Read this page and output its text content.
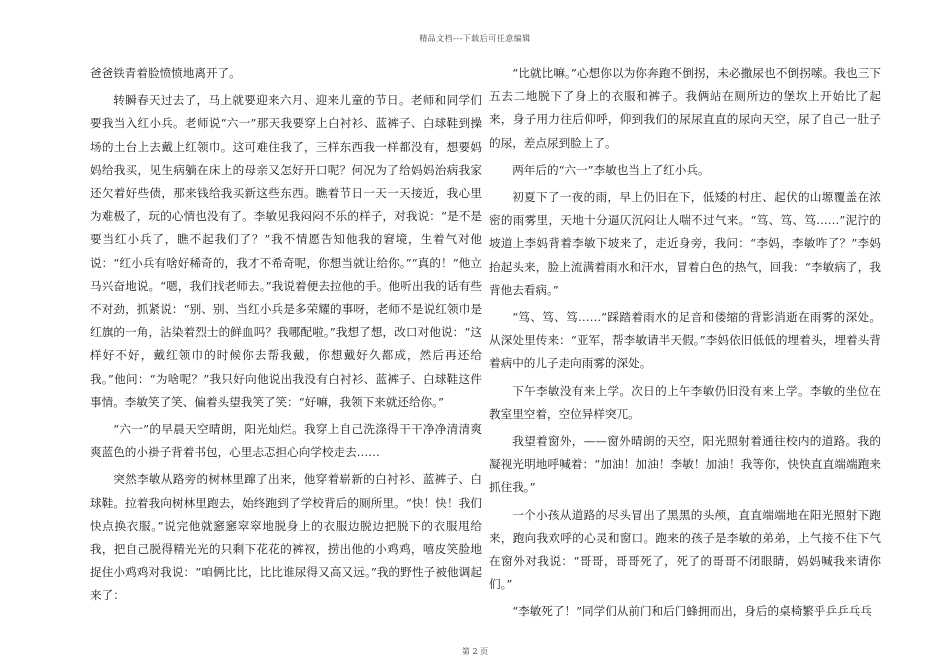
精品文档---下载后可任意编辑

爸爸铁青着脸愤愤地离开了。

转瞬春天过去了，马上就要迎来六月、迎来儿童的节日。老师和同学们要我当入红小兵。老师说“六一”那天我要穿上白衬衫、蓝裤子、白球鞋到操场的土台上去戴上红领巾。这可难住我了，三样东西我一样都没有，想要妈妈给我买，见生病躺在床上的母亲又怎好开口呢？何况为了给妈妈治病我家还欠着好些债，那来钱给我买新这些东西。瞧着节日一天一天接近，我心里为难极了，玩的心情也没有了。李敏见我闷闷不乐的样子，对我说：“是不是要当红小兵了，瞧不起我们了？”我不情愿告知他我的窘境，生着气对他说：“红小兵有啥好稀奇的，我才不希奇呢，你想当就让给你。”“真的！”他立马兴奋地说。“嗯，我们找老师去。”我说着便去拉他的手。他听出我的话有些不对劲，抓紧说：“别、别、当红小兵是多荣耀的事呀，老师不是说红领巾是红旗的一角，沾染着烈士的鲜血吗？我哪配啦。”我想了想，改口对他说：“这样好不好，戴红领巾的时候你去帮我戴，你想戴好久都成，然后再还给我。”他问：“为啥呢？”我只好向他说出我没有白衬衫、蓝裤子、白球鞋这件事情。李敏笑了笑、偏着头望我笑了笑：“好嘛，我领下来就还给你。”

“六一”的早晨天空晴朗，阳光灿烂。我穿上自己洗涤得干干净净清清爽爽蓝色的小褂子背着书包，心里忐忑担心向学校走去……

突然李敏从路旁的树林里蹿了出来，他穿着崭新的白衬衫、蓝裤子、白球鞋。拉着我向树林里跑去，始终跑到了学校背后的厕所里。“快！快！我们快点换衣服。”说完他就窸窸窣窣地脱身上的衣服边脱边把脱下的衣服甩给我，把自己脱得精光光的只剩下花花的裤衩，捞出他的小鸡鸡，嘻皮笑脸地捉住小鸡鸡对我说：“咱俩比比，比比谁尿得又高又远。”我的野性子被他调起来了：

“比就比嘛。”心想你以为你奔跑不倒拐，未必撒尿也不倒拐嗦。我也三下五去二地脱下了身上的衣服和裤子。我俩站在厕所边的堡坎上开始比了起来，身子用力往后仰呼，仰到我们的尿尿直直的尿向天空，尿了自己一肚子的尿，差点尿到脸上了。

两年后的“六一”李敏也当上了红小兵。

初夏下了一夜的雨，早上仍旧在下，低矮的村庄、起伏的山塬覆盖在浓密的雨雾里，天地十分逼仄沉闷让人喘不过气来。“笃、笃、笃……”泥泞的坡道上李妈背着李敏下坡来了，走近身旁，我问：“李妈，李敏咋了？”李妈抬起头来，脸上流满着雨水和汗水，冒着白色的热气，回我：“李敏病了，我背他去看病。”

“笃、笃、笃……”踩踏着雨水的足音和偻缩的背影消逝在雨雾的深处。从深处里传来：“亚军，帮李敏请半天假。”李妈依旧低低的埋着头，埋着头背着病中的儿子走向雨雾的深处。

下午李敏没有来上学。次日的上午李敏仍旧没有来上学。李敏的坐位在教室里空着，空位异样突兀。

我望着窗外，——窗外晴朗的天空，阳光照射着通往校内的道路。我的凝视光明地呼喊着：“加油！加油！李敏！加油！我等你，快快直直端端跑来抓住我。”

一个小孩从道路的尽头冒出了黑黑的头颅，直直端端地在阳光照射下跑来，跑向我欢呼的心灵和窗口。跑来的孩子是李敏的弟弟，上气接不住下气在窗外对我说：“哥哥，哥哥死了，死了的哥哥不闭眼睛，妈妈喊我来请你们。”

“李敏死了！”同学们从前门和后门蜂拥而出，身后的桌椅繁乎乒乒乓乓

第 2 页
